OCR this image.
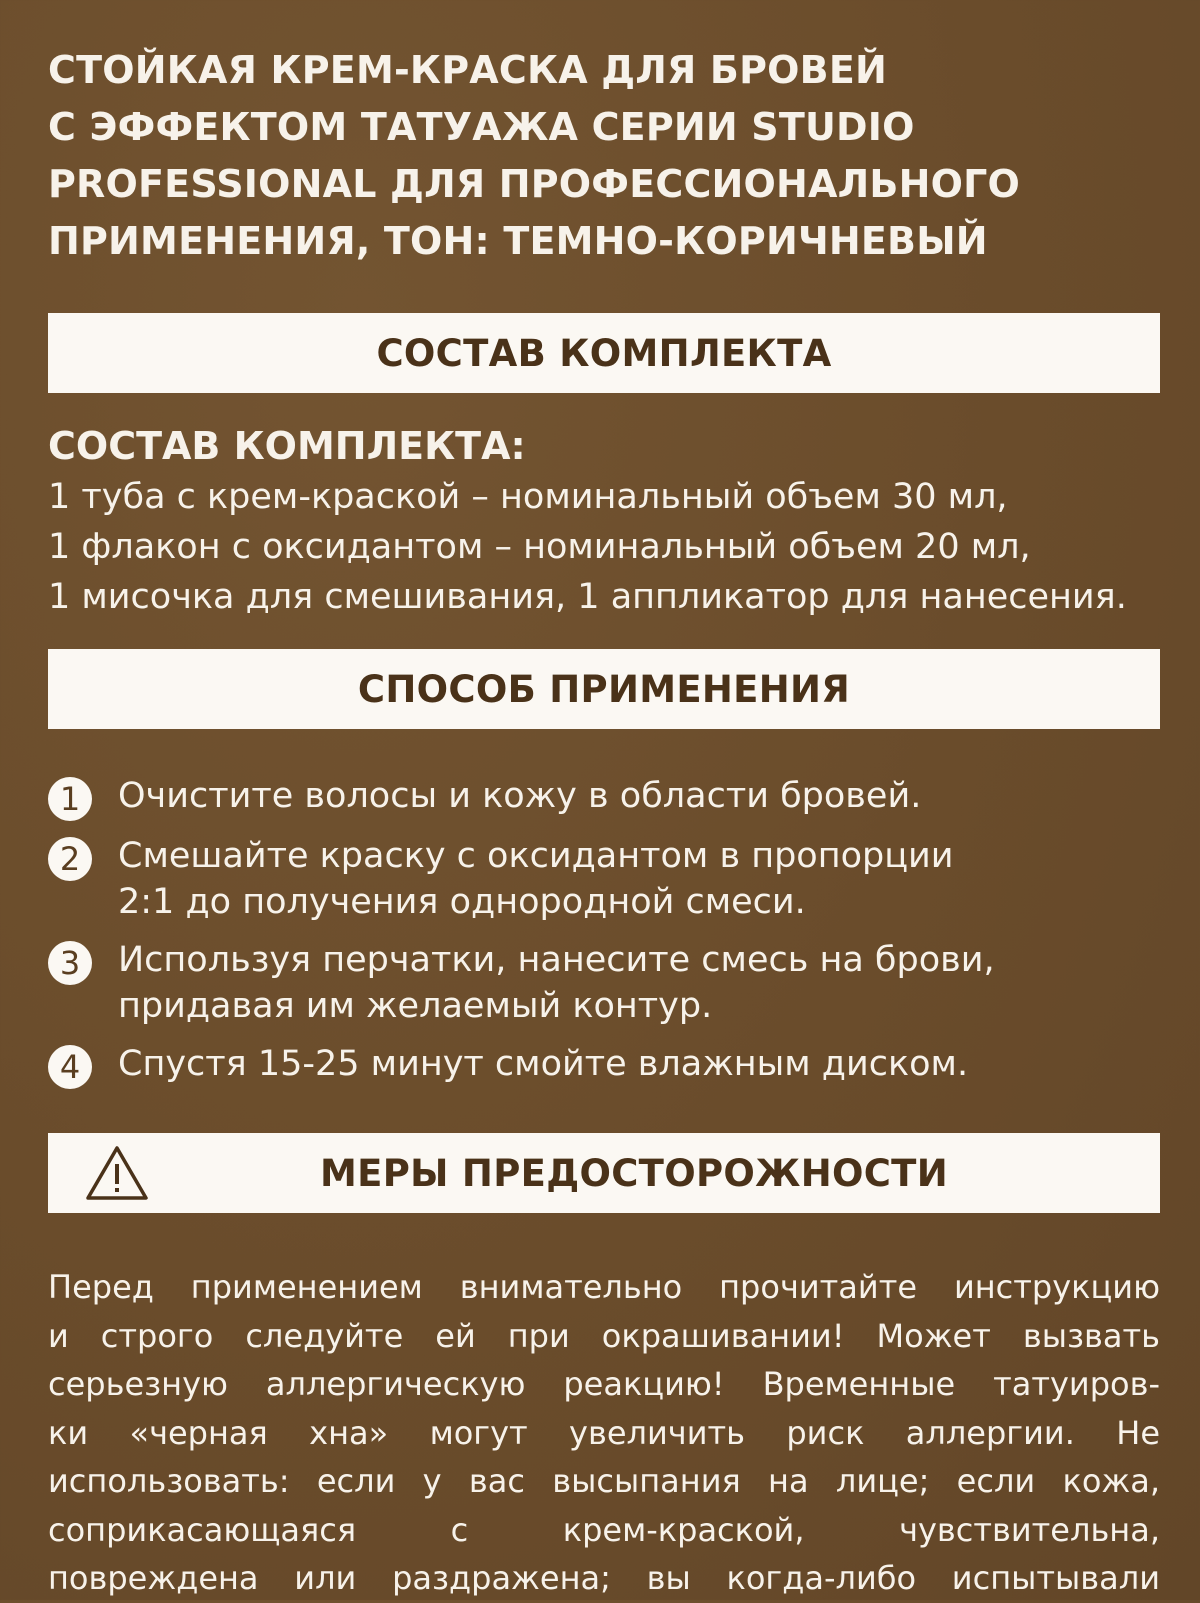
СТОЙКАЯ КРЕМ-КРАСКА ДЛЯ БРОВЕЙ
С ЭФФЕКТОМ ТАТУАЖА СЕРИИ STUDIO
PROFESSIONAL ДЛЯ ПРОФЕССИОНАЛЬНОГО
ПРИМЕНЕНИЯ, ТОН: ТЕМНО-КОРИЧНЕВЫЙ
СОСТАВ КОМПЛЕКТА
СОСТАВ КОМПЛЕКТА:
1 туба с крем-краской – номинальный объем 30 мл,
1 флакон с оксидантом – номинальный объем 20 мл,
1 мисочка для смешивания, 1 аппликатор для нанесения.
СПОСОБ ПРИМЕНЕНИЯ
1	Очистите волосы и кожу в области бровей.
2	Смешайте краску с оксидантом в пропорции
2:1 до получения однородной смеси.
3	Используя перчатки, нанесите смесь на брови,
придавая им желаемый контур.
4	Спустя 15-25 минут смойте влажным диском.
МЕРЫ ПРЕДОСТОРОЖНОСТИ
Перед применением внимательно прочитайте инструкцию
и строго следуйте ей при окрашивании! Может вызвать
серьезную аллергическую реакцию! Временные татуиров-
ки «черная хна» могут увеличить риск аллергии. Не
использовать: если у вас высыпания на лице; если кожа,
соприкасающаяся с крем-краской, чувствительна,
повреждена или раздражена; вы когда-либо испытывали
